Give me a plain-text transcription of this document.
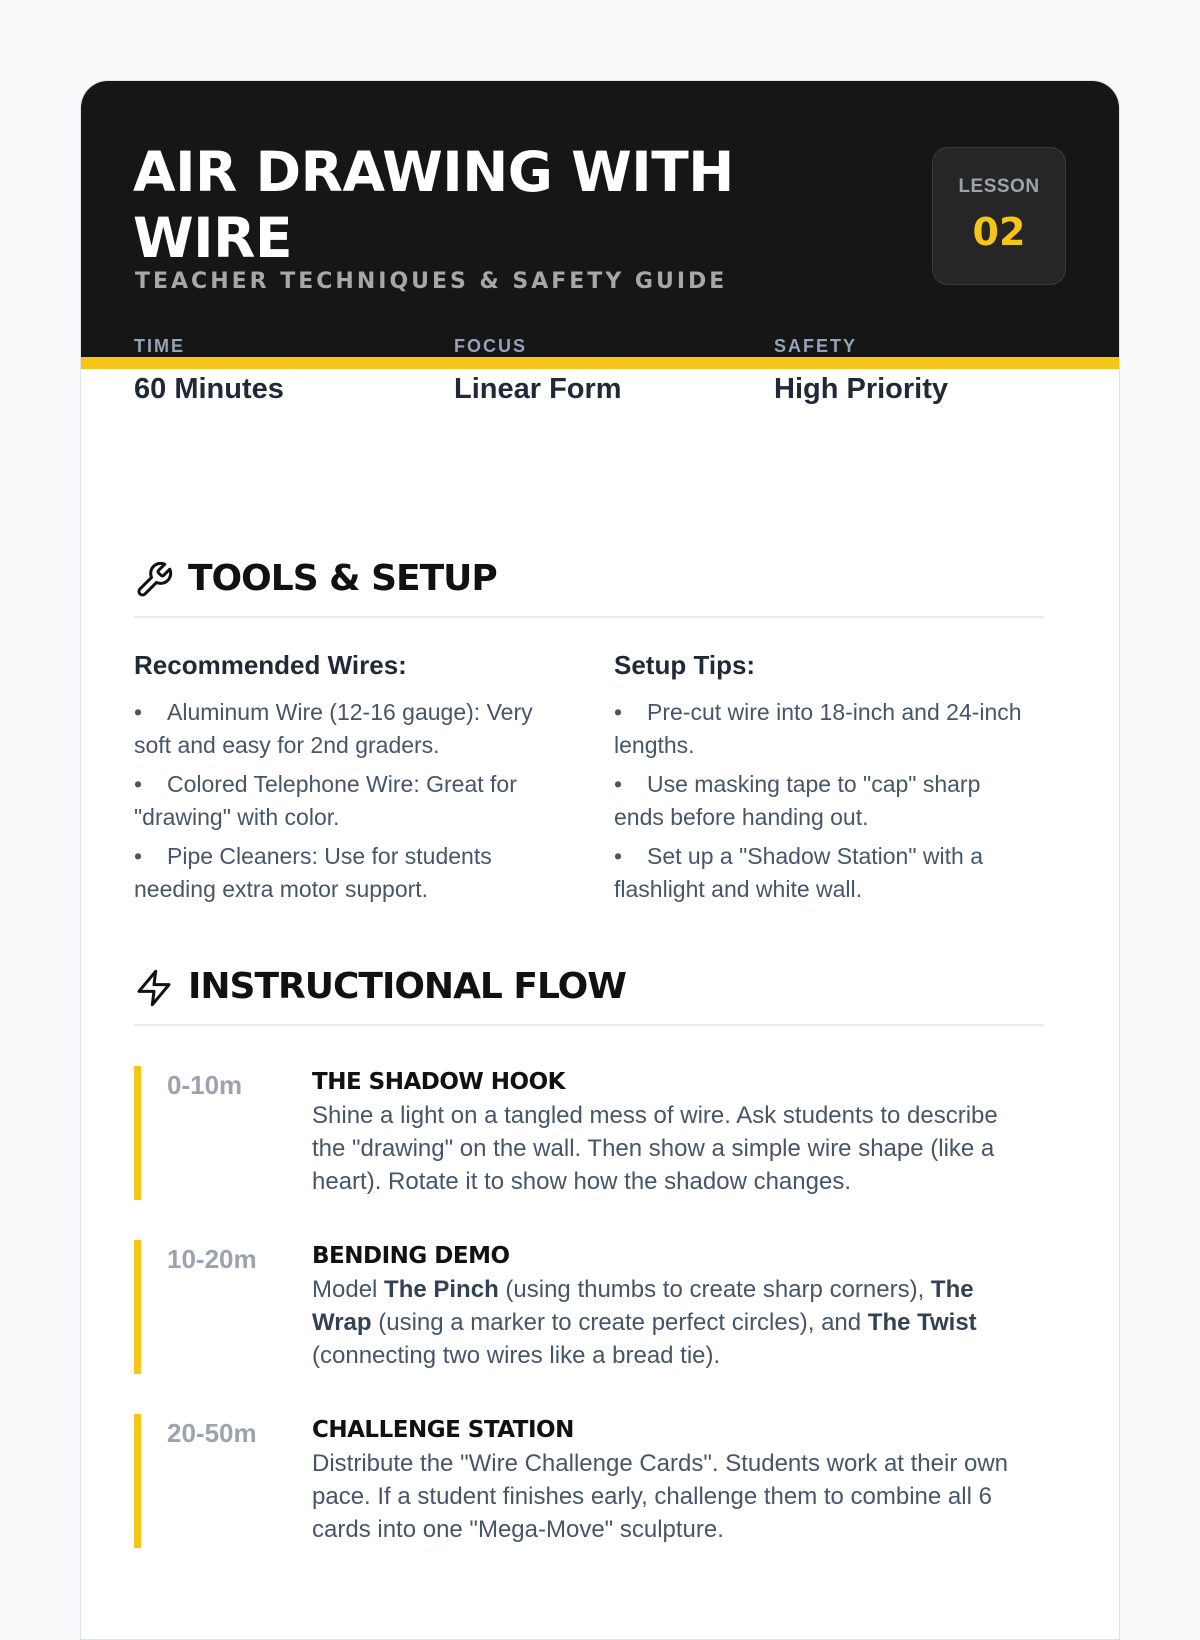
AIR DRAWING WITH WIRE
TEACHER TECHNIQUES & SAFETY GUIDE
LESSON
02
TIME
60 Minutes
FOCUS
Linear Form
SAFETY
High Priority
TOOLS & SETUP
Recommended Wires:
• Aluminum Wire (12-16 gauge): Very soft and easy for 2nd graders.
• Colored Telephone Wire: Great for "drawing" with color.
• Pipe Cleaners: Use for students needing extra motor support.
Setup Tips:
• Pre-cut wire into 18-inch and 24-inch lengths.
• Use masking tape to "cap" sharp ends before handing out.
• Set up a "Shadow Station" with a flashlight and white wall.
INSTRUCTIONAL FLOW
0-10m	THE SHADOW HOOK
Shine a light on a tangled mess of wire. Ask students to describe the "drawing" on the wall. Then show a simple wire shape (like a heart). Rotate it to show how the shadow changes.
10-20m BENDING DEMO
Model The Pinch (using thumbs to create sharp corners), The Wrap (using a marker to create perfect circles), and The Twist (connecting two wires like a bread tie).
20-50m CHALLENGE STATION
Distribute the "Wire Challenge Cards". Students work at their own pace. If a student finishes early, challenge them to combine all 6 cards into one "Mega-Move" sculpture.
